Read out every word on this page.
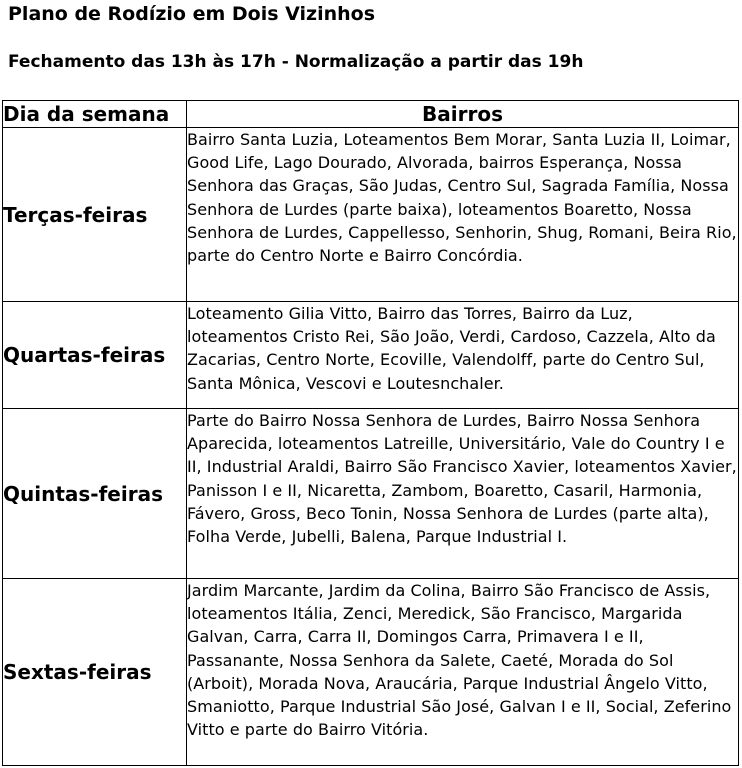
Plano de Rodízio em Dois Vizinhos
Fechamento das 13h às 17h - Normalização a partir das 19h
Dia da semana	Bairros
Terças-feiras	Bairro Santa Luzia, Loteamentos Bem Morar, Santa Luzia II, Loimar, Good Life, Lago Dourado, Alvorada, bairros Esperança, Nossa Senhora das Graças, São Judas, Centro Sul, Sagrada Família, Nossa Senhora de Lurdes (parte baixa), loteamentos Boaretto, Nossa Senhora de Lurdes, Cappellesso, Senhorin, Shug, Romani, Beira Rio, parte do Centro Norte e Bairro Concórdia.
Quartas-feiras	Loteamento Gilia Vitto, Bairro das Torres, Bairro da Luz, loteamentos Cristo Rei, São João, Verdi, Cardoso, Cazzela, Alto da Zacarias, Centro Norte, Ecoville, Valendolff, parte do Centro Sul, Santa Mônica, Vescovi e Loutesnchaler.
Quintas-feiras	Parte do Bairro Nossa Senhora de Lurdes, Bairro Nossa Senhora Aparecida, loteamentos Latreille, Universitário, Vale do Country I e II, Industrial Araldi, Bairro São Francisco Xavier, loteamentos Xavier, Panisson I e II, Nicaretta, Zambom, Boaretto, Casaril, Harmonia, Fávero, Gross, Beco Tonin, Nossa Senhora de Lurdes (parte alta), Folha Verde, Jubelli, Balena, Parque Industrial I.
Sextas-feiras	Jardim Marcante, Jardim da Colina, Bairro São Francisco de Assis, loteamentos Itália, Zenci, Meredick, São Francisco, Margarida Galvan, Carra, Carra II, Domingos Carra, Primavera I e II, Passanante, Nossa Senhora da Salete, Caeté, Morada do Sol (Arboit), Morada Nova, Araucária, Parque Industrial Ângelo Vitto, Smaniotto, Parque Industrial São José, Galvan I e II, Social, Zeferino Vitto e parte do Bairro Vitória.
